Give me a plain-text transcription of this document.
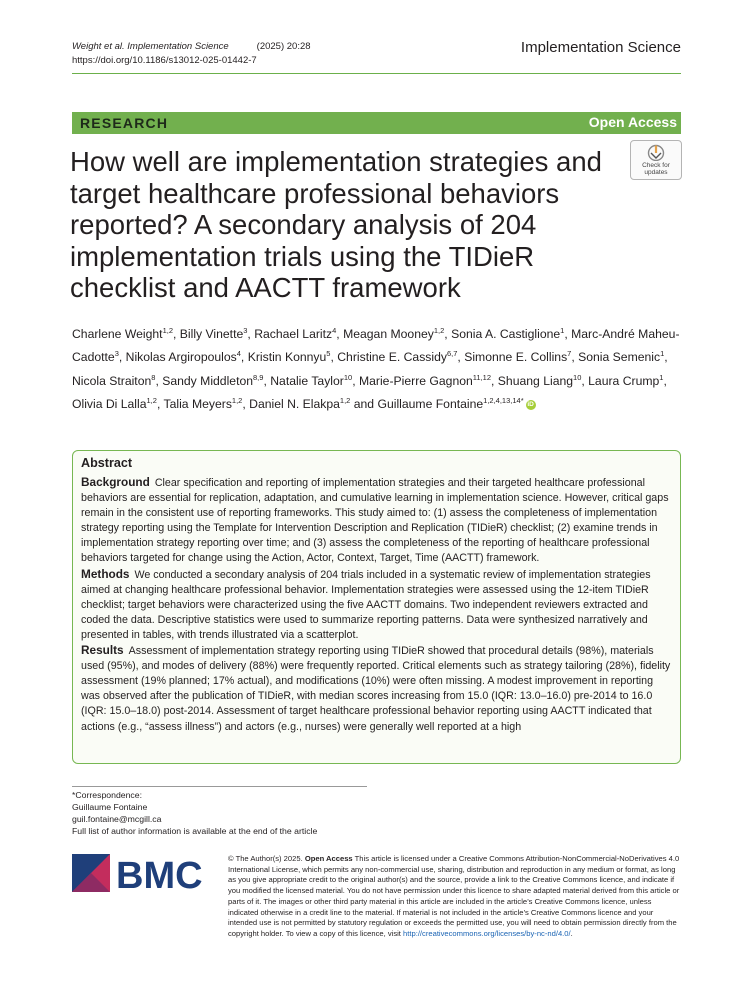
Weight et al. Implementation Science	(2025) 20:28
https://doi.org/10.1186/s13012-025-01442-7
Implementation Science
RESEARCH	Open Access
How well are implementation strategies and target healthcare professional behaviors reported? A secondary analysis of 204 implementation trials using the TIDieR checklist and AACTT framework
Check for
updates
Charlene Weight$^{1,2}$, Billy Vinette$^3$, Rachael Laritz$^4$, Meagan Mooney$^{1,2}$, Sonia A. Castiglione$^1$, Marc-André Maheu-Cadotte$^3$, Nikolas Argiropoulos$^4$, Kristin Konnyu$^5$, Christine E. Cassidy$^{6,7}$, Simonne E. Collins$^7$, Sonia Semenic$^1$, Nicola Straiton$^8$, Sandy Middleton$^{8,9}$, Natalie Taylor$^{10}$, Marie-Pierre Gagnon$^{11,12}$, Shuang Liang$^{10}$, Laura Crump$^1$, Olivia Di Lalla$^{1,2}$, Talia Meyers$^{1,2}$, Daniel N. Elakpa$^{1,2}$ and Guillaume Fontaine$^{1,2,4,13,14*}$ iD
Abstract

Background Clear specification and reporting of implementation strategies and their targeted healthcare professional behaviors are essential for replication, adaptation, and cumulative learning in implementation science. However, critical gaps remain in the consistent use of reporting frameworks. This study aimed to: (1) assess the completeness of implementation strategy reporting using the Template for Intervention Description and Replication (TIDieR) checklist; (2) examine trends in implementation strategy reporting over time; and (3) assess the completeness of the reporting of healthcare professional behaviors targeted for change using the Action, Actor, Context, Target, Time (AACTT) framework.

Methods We conducted a secondary analysis of 204 trials included in a systematic review of implementation strategies aimed at changing healthcare professional behavior. Implementation strategies were assessed using the 12-item TIDieR checklist; target behaviors were characterized using the five AACTT domains. Two independent reviewers extracted and coded the data. Descriptive statistics were used to summarize reporting patterns. Data were synthesized narratively and presented in tables, with trends illustrated via a scatterplot.

Results Assessment of implementation strategy reporting using TIDieR showed that procedural details (98%), materials used (95%), and modes of delivery (88%) were frequently reported. Critical elements such as strategy tailoring (28%), fidelity assessment (19% planned; 17% actual), and modifications (10%) were often missing. A modest improvement in reporting was observed after the publication of TIDieR, with median scores increasing from 15.0 (IQR: 13.0–16.0) pre-2014 to 16.0 (IQR: 15.0–18.0) post-2014. Assessment of target healthcare professional behavior reporting using AACTT indicated that actions (e.g., “assess illness”) and actors (e.g., nurses) were generally well reported at a high

*Correspondence:
Guillaume Fontaine
guil.fontaine@mcgill.ca
Full list of author information is available at the end of the article
BMC	© The Author(s) 2025. Open Access This article is licensed under a Creative Commons Attribution-NonCommercial-NoDerivatives 4.0 International License, which permits any non-commercial use, sharing, distribution and reproduction in any medium or format, as long as you give appropriate credit to the original author(s) and the source, provide a link to the Creative Commons licence, and indicate if you modified the licensed material. You do not have permission under this licence to share adapted material derived from this article or parts of it. The images or other third party material in this article are included in the article’s Creative Commons licence, unless indicated otherwise in a credit line to the material. If material is not included in the article’s Creative Commons licence and your intended use is not permitted by statutory regulation or exceeds the permitted use, you will need to obtain permission directly from the copyright holder. To view a copy of this licence, visit http://creativecommons.org/licenses/by-nc-nd/4.0/.
